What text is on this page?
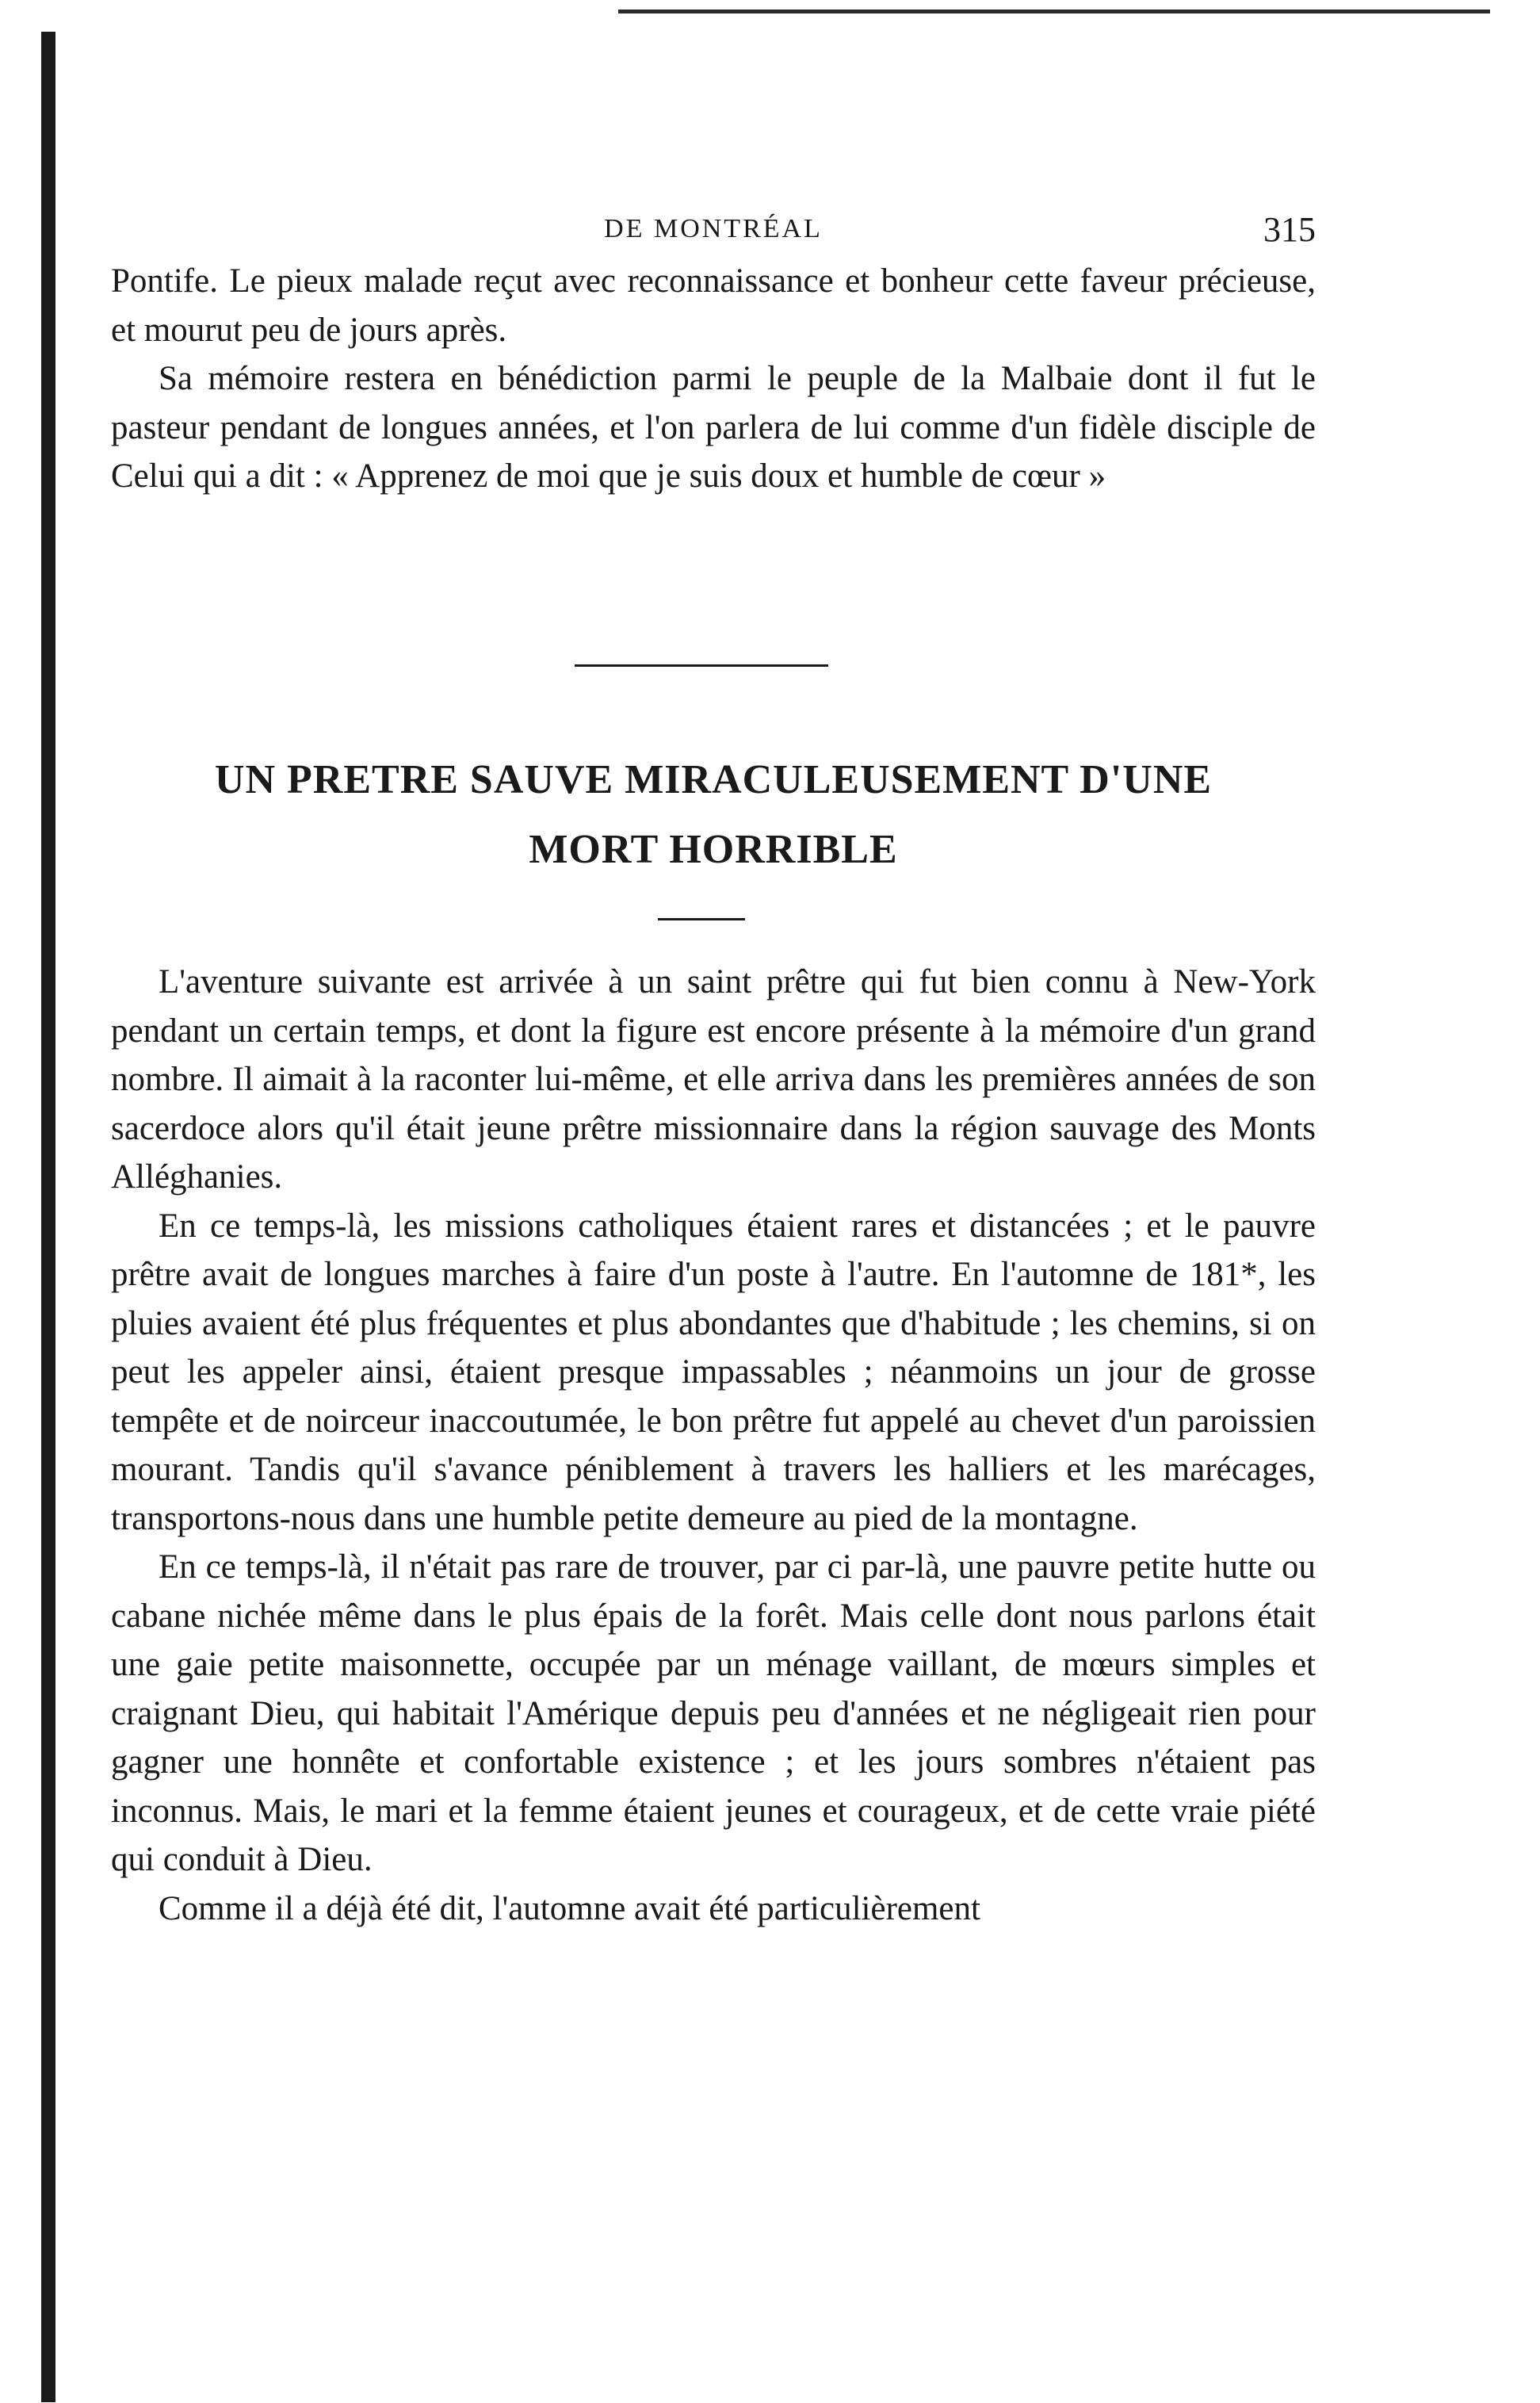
DE MONTRÉAL	315

Pontife. Le pieux malade reçut avec reconnaissance et bonheur cette faveur précieuse, et mourut peu de jours après.

Sa mémoire restera en bénédiction parmi le peuple de la Malbaie dont il fut le pasteur pendant de longues années, et l'on parlera de lui comme d'un fidèle disciple de Celui qui a dit : « Apprenez de moi que je suis doux et humble de cœur »

UN PRETRE SAUVE MIRACULEUSEMENT D'UNE
MORT HORRIBLE

L'aventure suivante est arrivée à un saint prêtre qui fut bien connu à New-York pendant un certain temps, et dont la figure est encore présente à la mémoire d'un grand nombre. Il aimait à la raconter lui-même, et elle arriva dans les premières années de son sacerdoce alors qu'il était jeune prêtre missionnaire dans la région sauvage des Monts Alléghanies.

En ce temps-là, les missions catholiques étaient rares et distancées ; et le pauvre prêtre avait de longues marches à faire d'un poste à l'autre. En l'automne de 181*, les pluies avaient été plus fréquentes et plus abondantes que d'habitude ; les chemins, si on peut les appeler ainsi, étaient presque impassables ; néanmoins un jour de grosse tempête et de noirceur inaccoutumée, le bon prêtre fut appelé au chevet d'un paroissien mourant. Tandis qu'il s'avance péniblement à travers les halliers et les marécages, transportons-nous dans une humble petite demeure au pied de la montagne.

En ce temps-là, il n'était pas rare de trouver, par ci par-là, une pauvre petite hutte ou cabane nichée même dans le plus épais de la forêt. Mais celle dont nous parlons était une gaie petite maisonnette, occupée par un ménage vaillant, de mœurs simples et craignant Dieu, qui habitait l'Amérique depuis peu d'années et ne négligeait rien pour gagner une honnête et confortable existence ; et les jours sombres n'étaient pas inconnus. Mais, le mari et la femme étaient jeunes et courageux, et de cette vraie piété qui conduit à Dieu.

Comme il a déjà été dit, l'automne avait été particulièrement
